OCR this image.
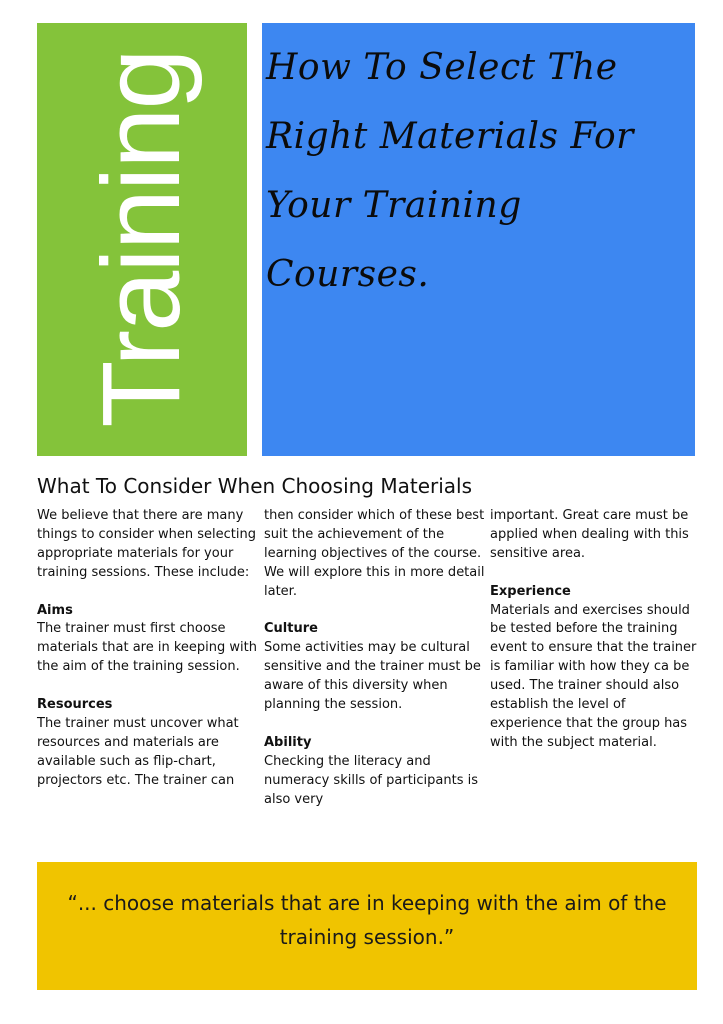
Training How To Select The Right Materials For Your Training Courses.
What To Consider When Choosing Materials

We believe that there are many things to consider when selecting appropriate materials for your training sessions. These include:

Aims

The trainer must first choose materials that are in keeping with the aim of the training session.

Resources

The trainer must uncover what resources and materials are available such as flip-chart, projectors etc. The trainer can

then consider which of these best suit the achievement of the learning objectives of the course. We will explore this in more detail later.

Culture

Some activities may be cultural sensitive and the trainer must be aware of this diversity when planning the session.

Ability

Checking the literacy and numeracy skills of participants is also very

important. Great care must be applied when dealing with this sensitive area.

Experience

Materials and exercises should be tested before the training event to ensure that the trainer is familiar with how they ca be used. The trainer should also establish the level of experience that the group has with the subject material.

“... choose materials that are in keeping with the aim of the training session.”
